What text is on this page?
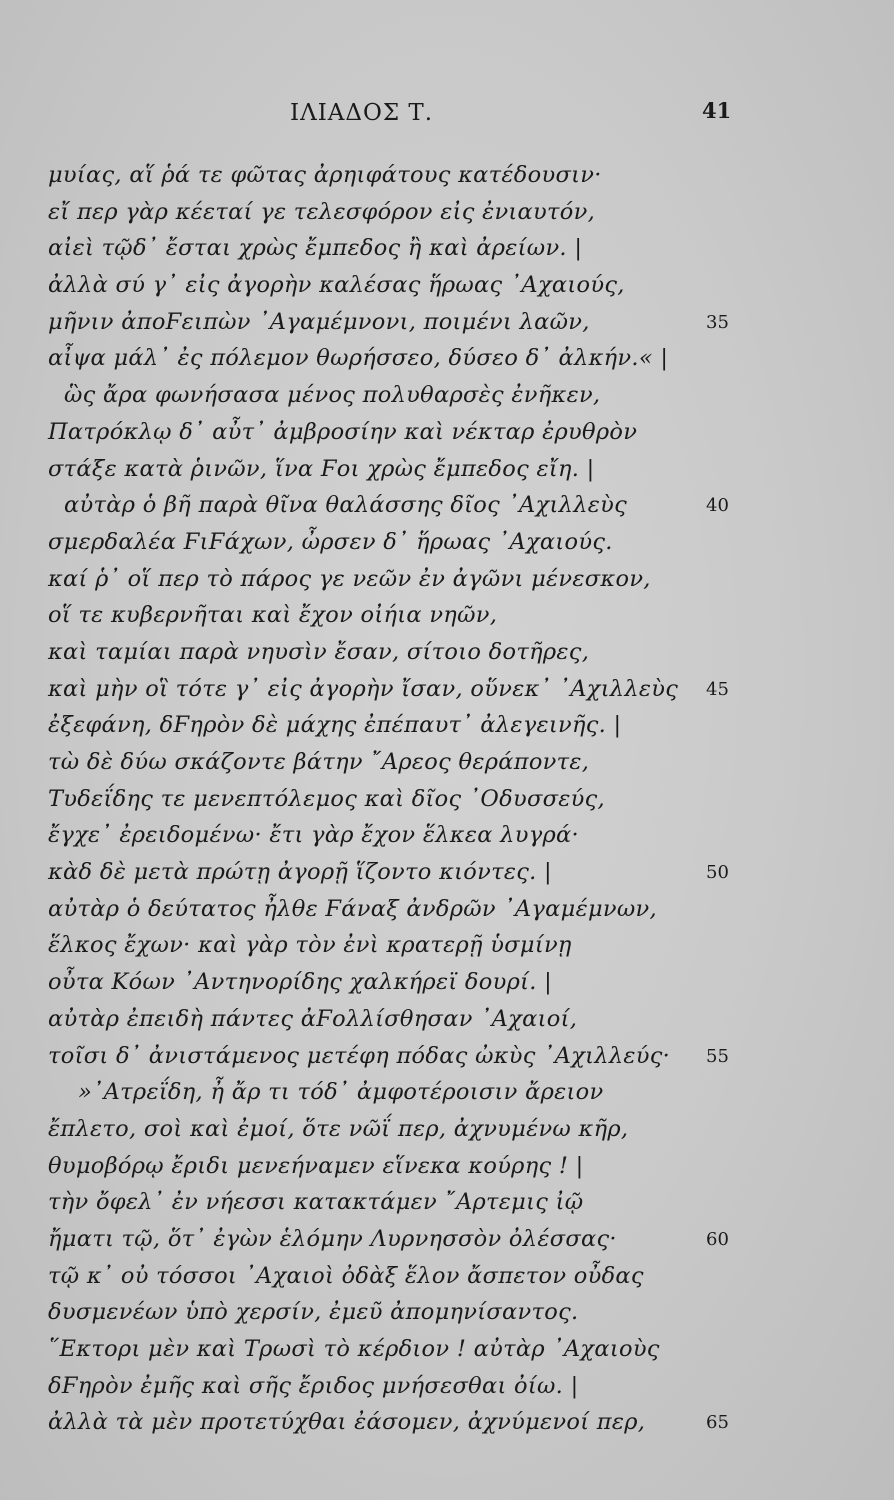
ΙΛΙΑΔΟΣ Τ.	41
μυίας, αἵ ῥά τε φῶτας ἀρηιφάτους κατέδουσιν·
εἴ περ γὰρ κέεταί γε τελεσφόρον εἰς ἐνιαυτόν,
αἰεὶ τῷδ᾽ ἔσται χρὼς ἔμπεδος ἢ καὶ ἀρείων. |
ἀλλὰ σύ γ᾽ εἰς ἀγορὴν καλέσας ἥρωας ᾽Αχαιούς,
μῆνιν ἀποϜειπὼν ᾽Αγαμέμνονι, ποιμένι λαῶν,	35
αἶψα μάλ᾽ ἐς πόλεμον θωρήσσεο, δύσεο δ᾽ ἀλκήν.« |
ὣς ἄρα φωνήσασα μένος πολυθαρσὲς ἐνῆκεν,
Πατρόκλῳ δ᾽ αὖτ᾽ ἀμβροσίην καὶ νέκταρ ἐρυθρὸν
στάξε κατὰ ῥινῶν, ἵνα Ϝοι χρὼς ἔμπεδος εἴη. |
αὐτὰρ ὁ βῆ παρὰ θῖνα θαλάσσης δῖος ᾽Αχιλλεὺς	40
σμερδαλέα ϜιϜάχων, ὦρσεν δ᾽ ἥρωας ᾽Αχαιούς.
καί ῥ᾽ οἵ περ τὸ πάρος γε νεῶν ἐν ἀγῶνι μένεσκον,
οἵ τε κυβερνῆται καὶ ἔχον οἰήια νηῶν,
καὶ ταμίαι παρὰ νηυσὶν ἔσαν, σίτοιο δοτῆρες,
καὶ μὴν οἳ τότε γ᾽ εἰς ἀγορὴν ἴσαν, οὕνεκ᾽ ᾽Αχιλλεὺς 45
ἐξεφάνη, δϜηρὸν δὲ μάχης ἐπέπαυτ᾽ ἀλεγεινῆς. |
τὼ δὲ δύω σκάζοντε βάτην ῎Αρεος θεράποντε,
Τυδεΐδης τε μενεπτόλεμος καὶ δῖος ᾽Οδυσσεύς,
ἔγχε᾽ ἐρειδομένω· ἔτι γὰρ ἔχον ἕλκεα λυγρά·
κὰδ δὲ μετὰ πρώτῃ ἀγορῇ ἵζοντο κιόντες. |	50
αὐτὰρ ὁ δεύτατος ἦλθε Ϝάναξ ἀνδρῶν ᾽Αγαμέμνων,
ἕλκος ἔχων· καὶ γὰρ τὸν ἐνὶ κρατερῇ ὑσμίνῃ
οὖτα Κόων ᾽Αντηνορίδης χαλκήρεϊ δουρί. |
αὐτὰρ ἐπειδὴ πάντες ἀϜολλίσθησαν ᾽Αχαιοί,
τοῖσι δ᾽ ἀνιστάμενος μετέφη πόδας ὠκὺς ᾽Αχιλλεύς· 55
»᾽Ατρεΐδη, ἦ ἄρ τι τόδ᾽ ἀμφοτέροισιν ἄρειον
ἔπλετο, σοὶ καὶ ἐμοί, ὅτε νῶΐ περ, ἀχνυμένω κῆρ,
θυμοβόρῳ ἔριδι μενεήναμεν εἵνεκα κούρης ! |
τὴν ὄφελ᾽ ἐν νήεσσι κατακτάμεν ῎Αρτεμις ἰῷ
ἤματι τῷ, ὅτ᾽ ἐγὼν ἑλόμην Λυρνησσὸν ὀλέσσας·	60
τῷ κ᾽ οὐ τόσσοι ᾽Αχαιοὶ ὀδὰξ ἕλον ἄσπετον οὖδας
δυσμενέων ὑπὸ χερσίν, ἐμεῦ ἀπομηνίσαντος.
῞Εκτορι μὲν καὶ Τρωσὶ τὸ κέρδιον ! αὐτὰρ ᾽Αχαιοὺς
δϜηρὸν ἐμῆς καὶ σῆς ἔριδος μνήσεσθαι ὀίω. |
ἀλλὰ τὰ μὲν προτετύχθαι ἐάσομεν, ἀχνύμενοί περ,	65
